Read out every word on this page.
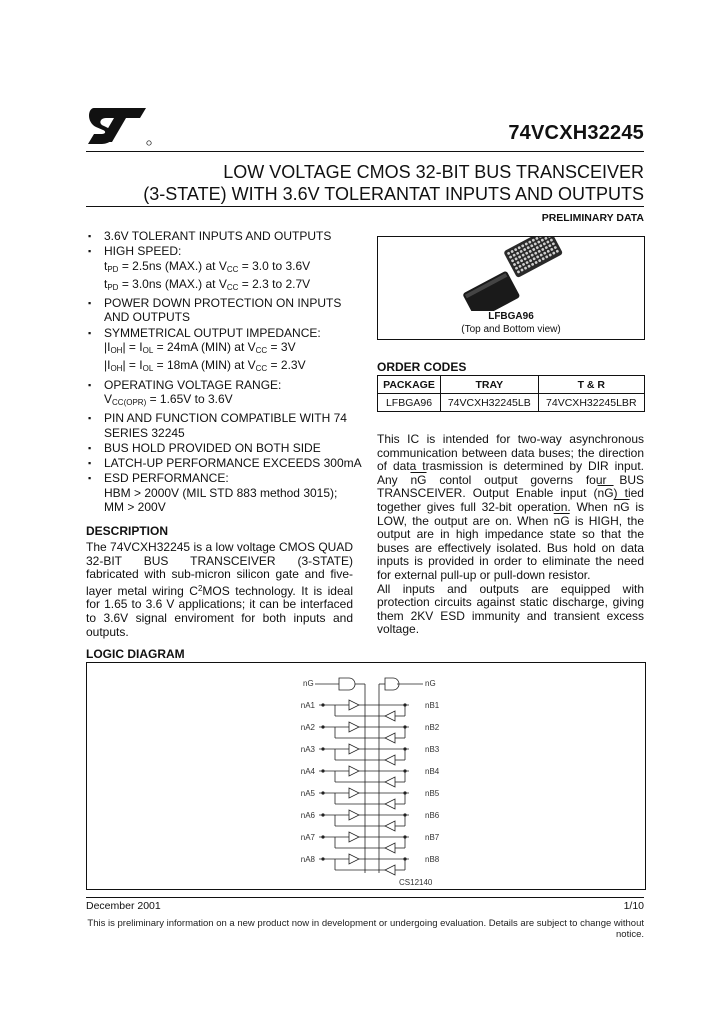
74VCXH32245
LOW VOLTAGE CMOS 32-BIT BUS TRANSCEIVER
(3-STATE) WITH 3.6V TOLERANTAT INPUTS AND OUTPUTS
PRELIMINARY DATA
▪ 3.6V TOLERANT INPUTS AND OUTPUTS
▪ HIGH SPEED:
$t_{PD} = 2.5ns$ (MAX.) at $V_{CC} = 3.0$ to 3.6V
$t_{PD} = 3.0ns$ (MAX.) at $V_{CC} = 2.3$ to 2.7V
▪ POWER DOWN PROTECTION ON INPUTS AND OUTPUTS
▪ SYMMETRICAL OUTPUT IMPEDANCE:
$|I_{OH}| = I_{OL} = 24mA$ (MIN) at $V_{CC} = 3V$
$|I_{OH}| = I_{OL} = 18mA$ (MIN) at $V_{CC} = 2.3V$
▪ OPERATING VOLTAGE RANGE:
$V_{CC(OPR)} = 1.65V$ to 3.6V
▪ PIN AND FUNCTION COMPATIBLE WITH 74 SERIES 32245
▪ BUS HOLD PROVIDED ON BOTH SIDE
▪ LATCH-UP PERFORMANCE EXCEEDS 300mA
▪ ESD PERFORMANCE:
HBM > 2000V (MIL STD 883 method 3015);
MM > 200V
DESCRIPTION
The 74VCXH32245 is a low voltage CMOS QUAD 32-BIT BUS TRANSCEIVER (3-STATE) fabricated with sub-micron silicon gate and five-layer metal wiring $C^2MOS$ technology. It is ideal for 1.65 to 3.6 V applications; it can be interfaced to 3.6V signal enviroment for both inputs and outputs.
LFBGA96
(Top and Bottom view)
ORDER CODES
PACKAGE	TRAY	T & R
LFBGA96	74VCXH32245LB	74VCXH32245LBR
This IC is intended for two-way asynchronous communication between data buses; the direction of data trasmission is determined by DIR input. Any $\overline{nG}$ contol output governs four BUS TRANSCEIVER. Output Enable input $(\overline{nG})$ tied together gives full 32-bit operation. When $\overline{nG}$ is LOW, the output are on. When $\overline{nG}$ is HIGH, the output are in high impedance state so that the buses are effectively isolated. Bus hold on data inputs is provided in order to eliminate the need for external pull-up or pull-down resistor.
All inputs and outputs are equipped with protection circuits against static discharge, giving them 2KV ESD immunity and transient excess voltage.
LOGIC DIAGRAM
nG	nG
nA1	nB1
nA2	nB2
nA3	nB3
nA4	nB4
nA5	nB5
nA6	nB6
nA7	nB7
nA8	nB8
CS12140
December 2001	1/10
This is preliminary information on a new product now in development or undergoing evaluation. Details are subject to change without notice.
